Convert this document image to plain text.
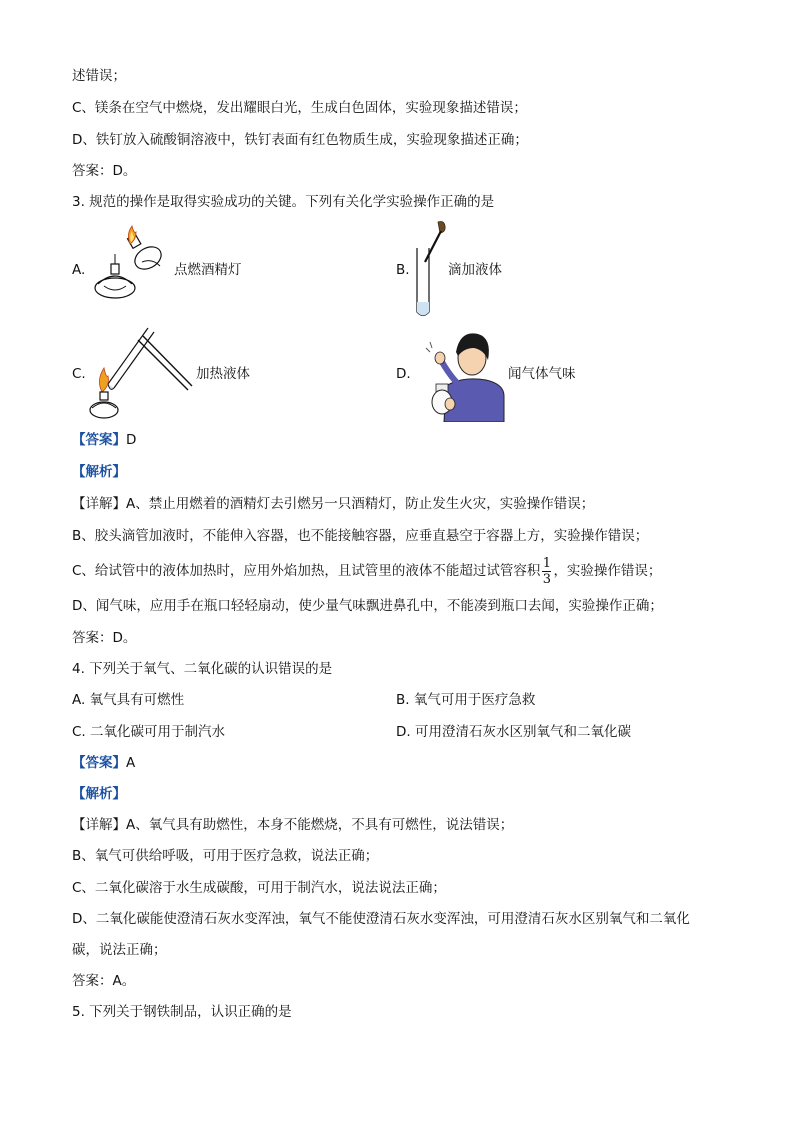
述错误；
C、镁条在空气中燃烧，发出耀眼白光，生成白色固体，实验现象描述错误；
D、铁钉放入硫酸铜溶液中，铁钉表面有红色物质生成，实验现象描述正确；
答案：D。
3. 规范的操作是取得实验成功的关键。下列有关化学实验操作正确的是
A.	点燃酒精灯	B.	滴加液体
C.	加热液体	D.	闻气体气味
【答案】D
【解析】
【详解】A、禁止用燃着的酒精灯去引燃另一只酒精灯，防止发生火灾，实验操作错误；
B、胶头滴管加液时，不能伸入容器，也不能接触容器，应垂直悬空于容器上方，实验操作错误；
C、给试管中的液体加热时，应用外焰加热，且试管里的液体不能超过试管容积 $\frac{1}{3}$ ，实验操作错误；
D、闻气味，应用手在瓶口轻轻扇动，使少量气味飘进鼻孔中，不能凑到瓶口去闻，实验操作正确；
答案：D。
4. 下列关于氧气、二氧化碳的认识错误的是
A. 氧气具有可燃性	B. 氧气可用于医疗急救
C. 二氧化碳可用于制汽水	D. 可用澄清石灰水区别氧气和二氧化碳
【答案】A
【解析】
【详解】A、氧气具有助燃性，本身不能燃烧，不具有可燃性，说法错误；
B、氧气可供给呼吸，可用于医疗急救，说法正确；
C、二氧化碳溶于水生成碳酸，可用于制汽水，说法说法正确；
D、二氧化碳能使澄清石灰水变浑浊，氧气不能使澄清石灰水变浑浊，可用澄清石灰水区别氧气和二氧化
碳，说法正确；
答案：A。
5. 下列关于钢铁制品，认识正确的是
